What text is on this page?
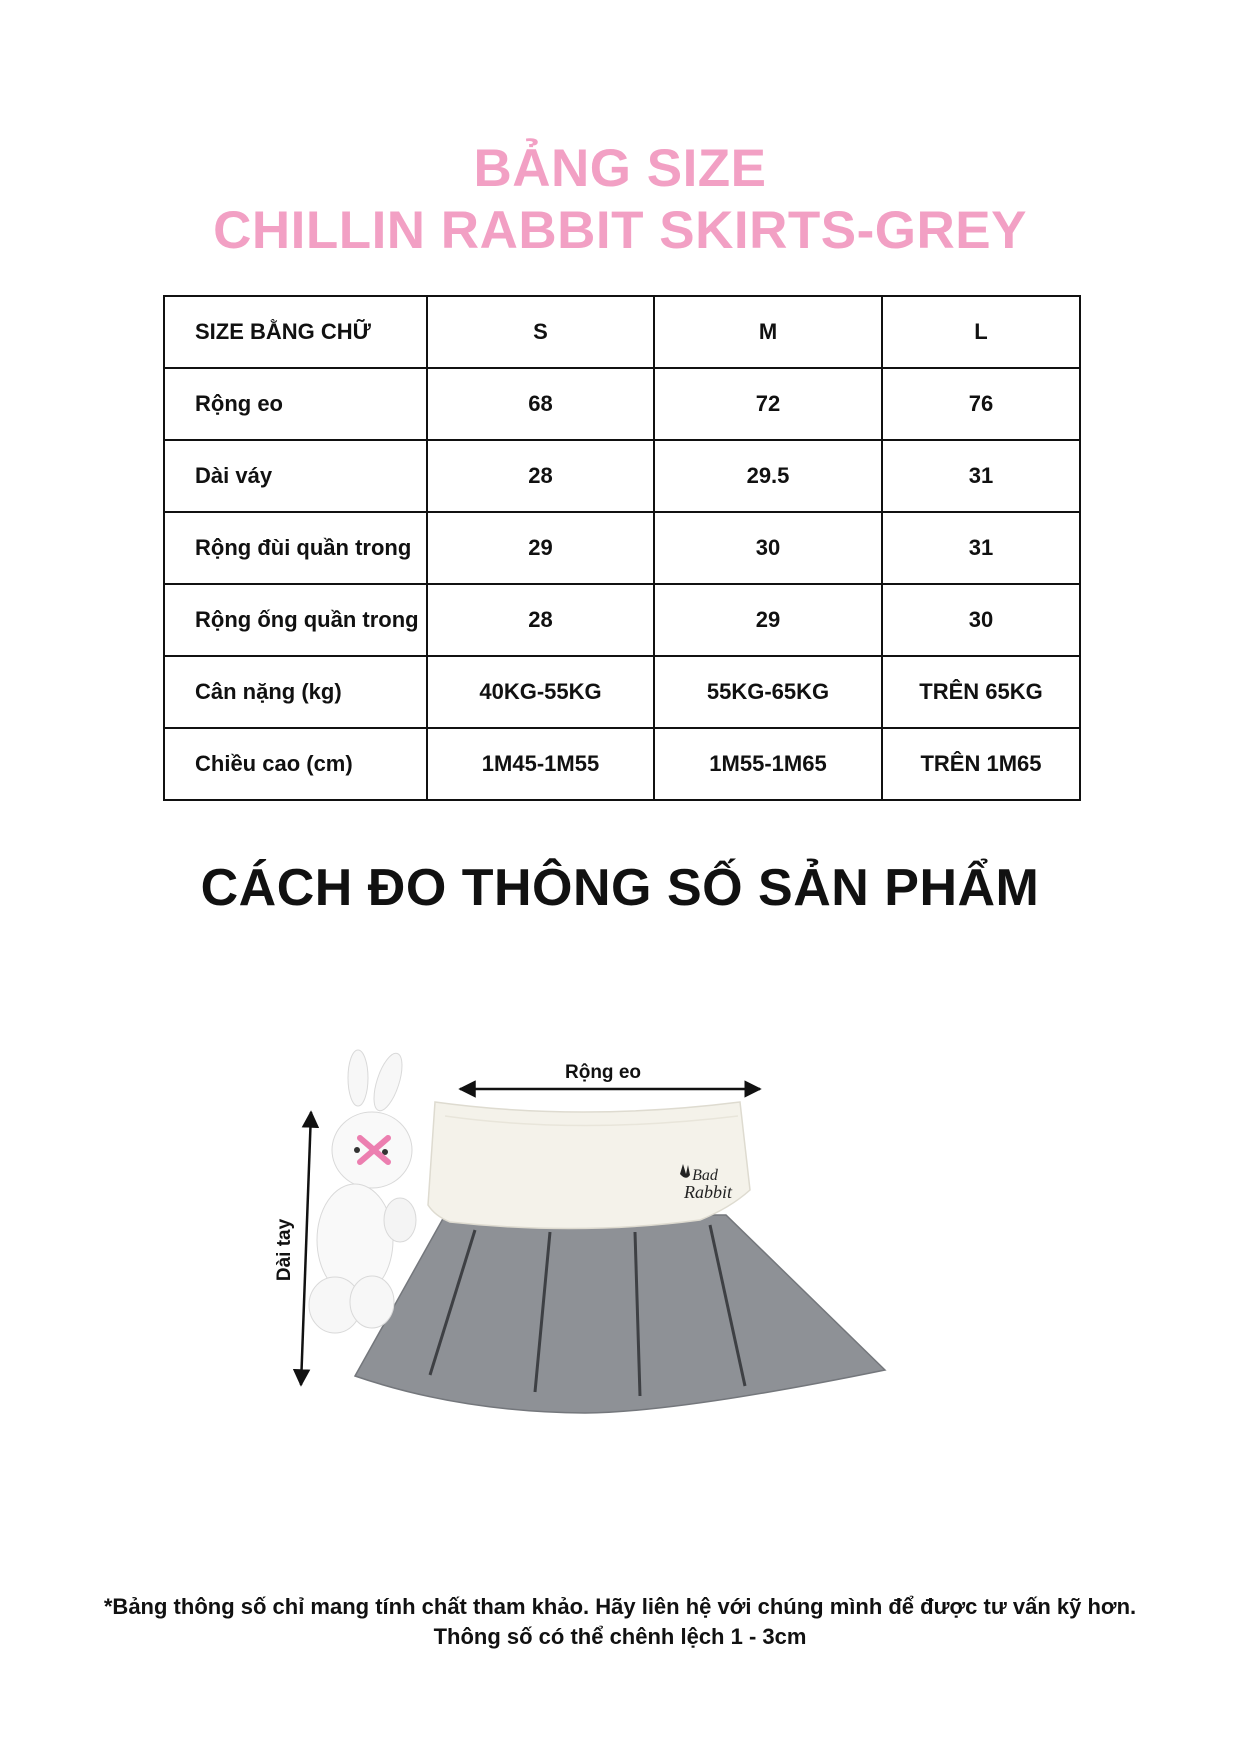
BẢNG SIZE
CHILLIN RABBIT SKIRTS-GREY
SIZE BẰNG CHỮ	S	M	L
Rộng eo	68	72	76
Dài váy	28	29.5	31
Rộng đùi quần trong	29	30	31
Rộng ống quần trong	28	29	30
Cân nặng (kg)	40KG-55KG	55KG-65KG	TRÊN 65KG
Chiều cao (cm)	1M45-1M55	1M55-1M65	TRÊN 1M65
CÁCH ĐO THÔNG SỐ SẢN PHẨM
Rộng eo
Dài tay
Bad
Rabbit

*Bảng thông số chỉ mang tính chất tham khảo. Hãy liên hệ với chúng mình để được tư vấn kỹ hơn.

Thông số có thể chênh lệch 1 - 3cm
